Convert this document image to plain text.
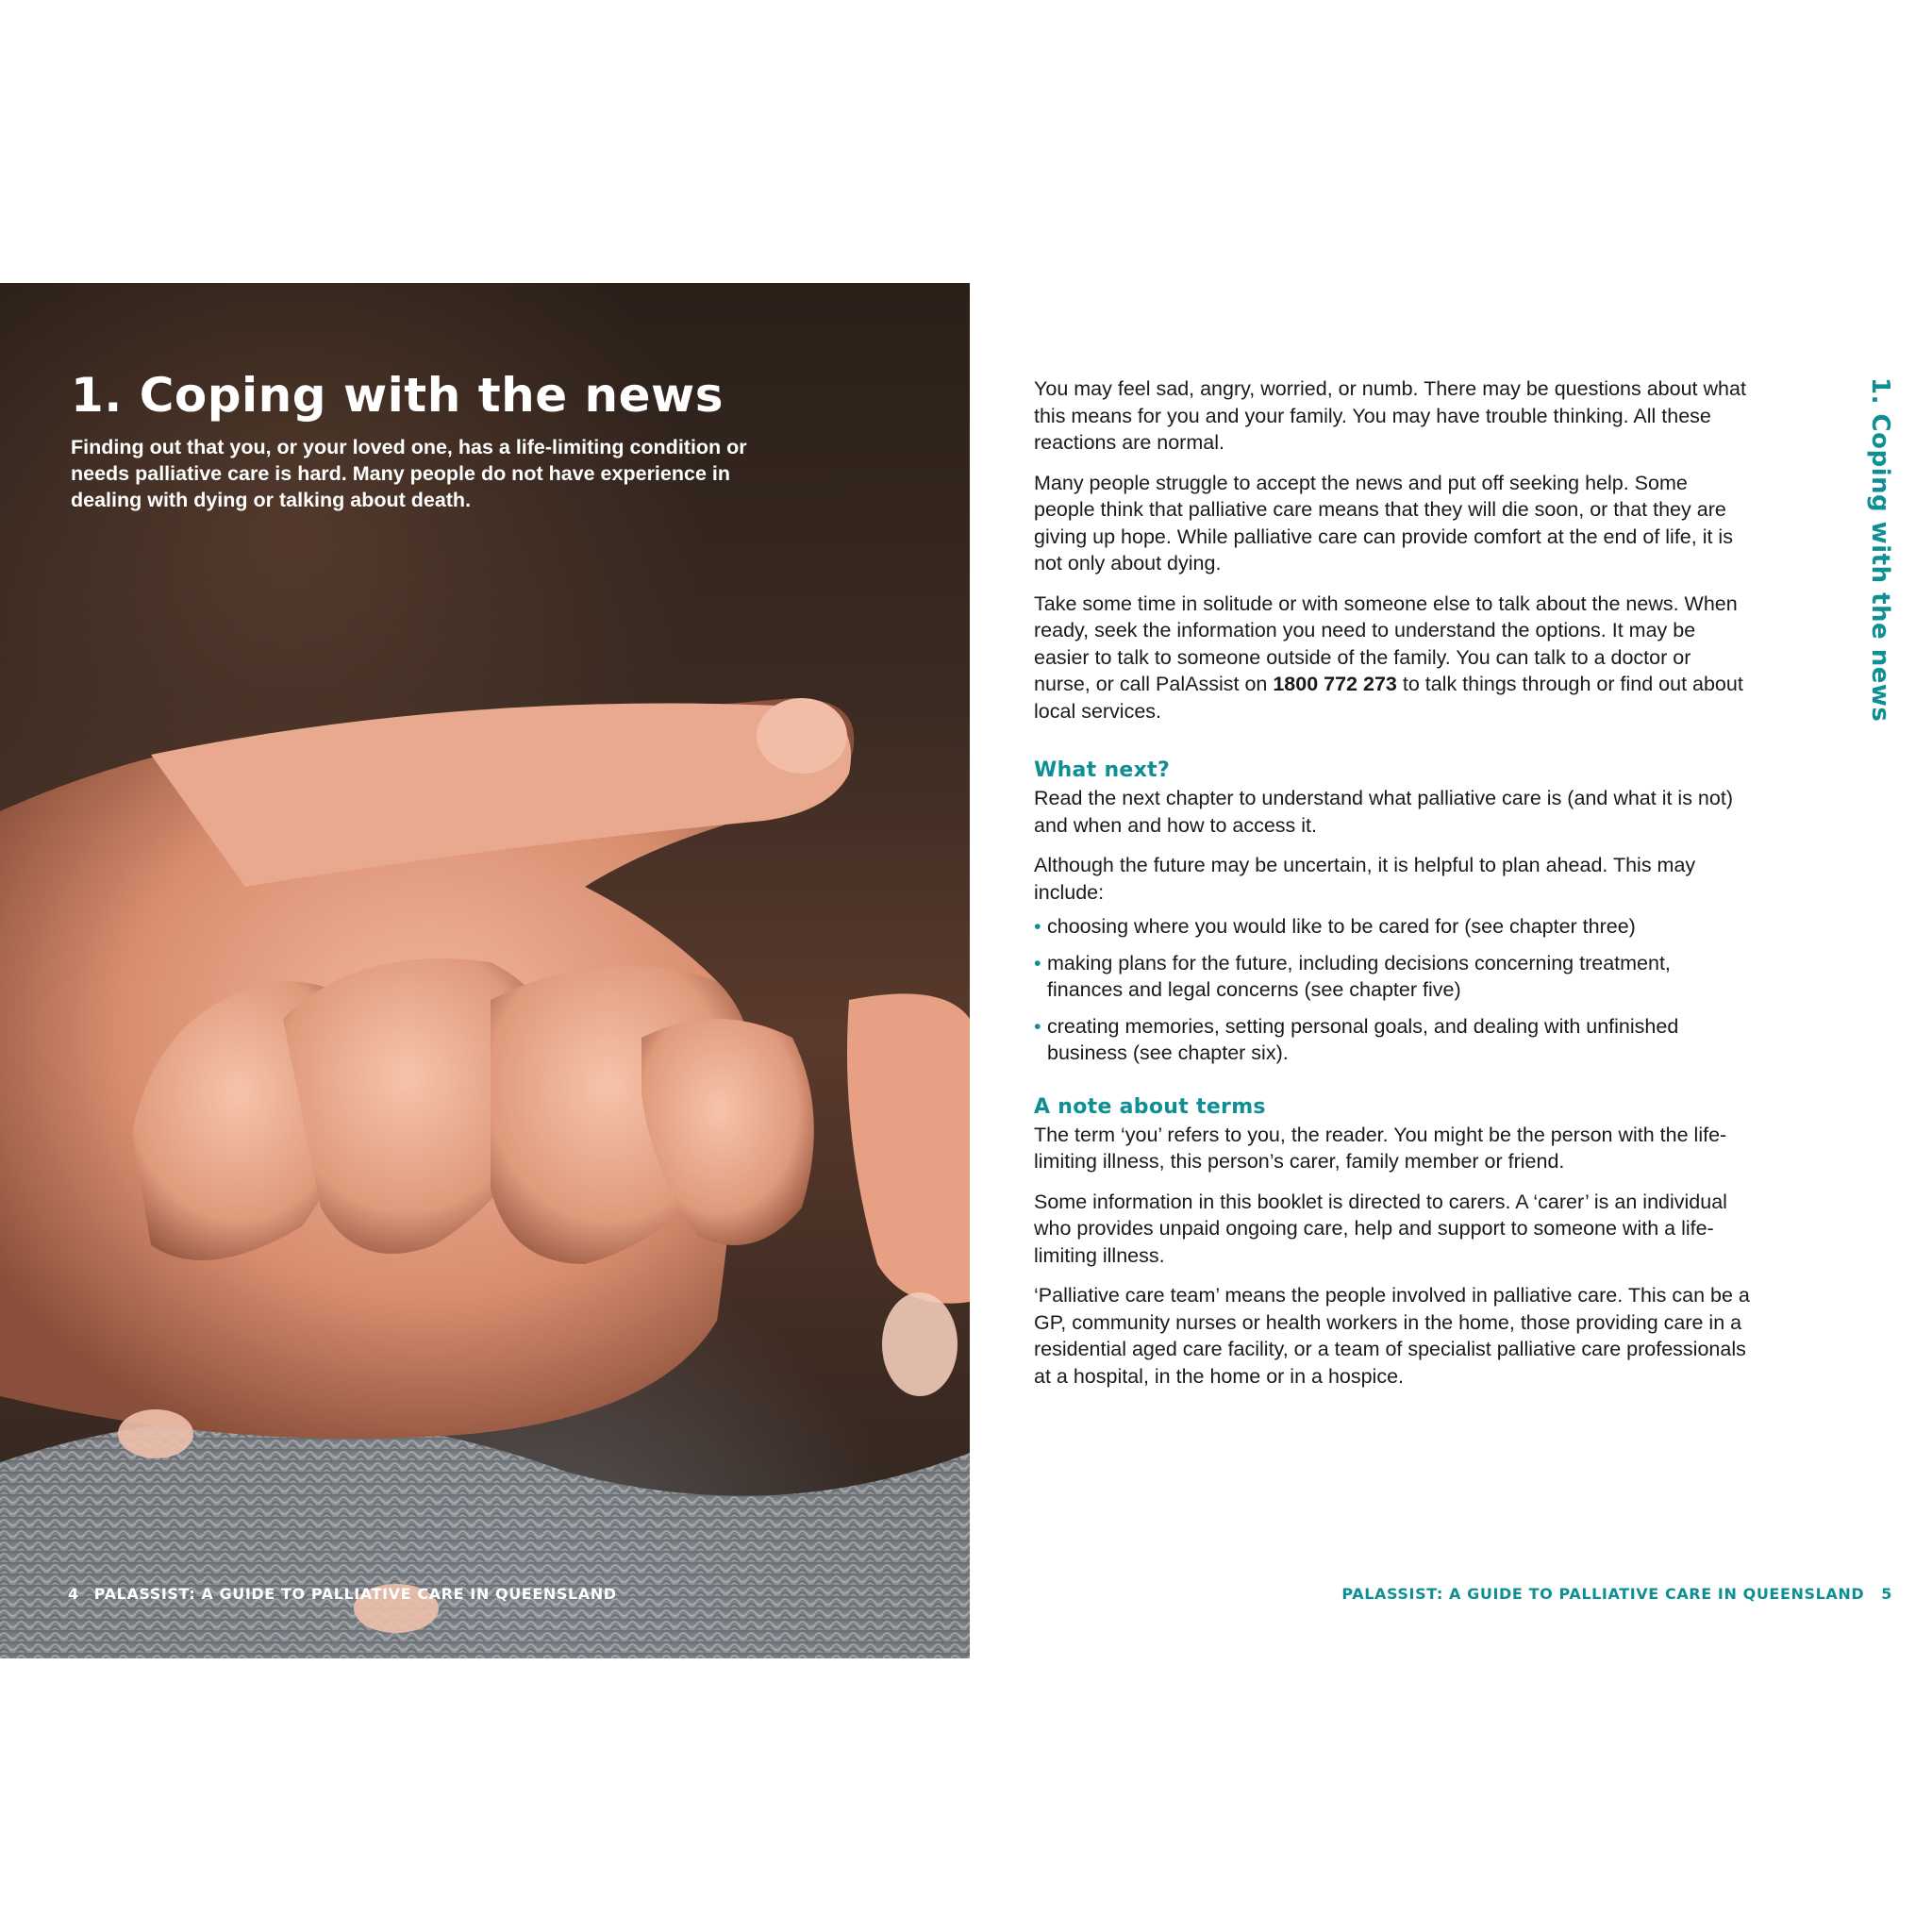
1. Coping with the news

Finding out that you, or your loved one, has a life-limiting condition or needs palliative care is hard. Many people do not have experience in dealing with dying or talking about death.

4 PALASSIST: A GUIDE TO PALLIATIVE CARE IN QUEENSLAND

You may feel sad, angry, worried, or numb. There may be questions about what this means for you and your family. You may have trouble thinking. All these reactions are normal.

Many people struggle to accept the news and put off seeking help. Some people think that palliative care means that they will die soon, or that they are giving up hope. While palliative care can provide comfort at the end of life, it is not only about dying.

Take some time in solitude or with someone else to talk about the news. When ready, seek the information you need to understand the options. It may be easier to talk to someone outside of the family. You can talk to a doctor or nurse, or call PalAssist on 1800 772 273 to talk things through or find out about local services.

What next?

Read the next chapter to understand what palliative care is (and what it is not) and when and how to access it.

Although the future may be uncertain, it is helpful to plan ahead. This may include:

• choosing where you would like to be cared for (see chapter three)
• making plans for the future, including decisions concerning treatment, finances and legal concerns (see chapter five)
• creating memories, setting personal goals, and dealing with unfinished business (see chapter six).
A note about terms

The term ‘you’ refers to you, the reader. You might be the person with the life-limiting illness, this person’s carer, family member or friend.

Some information in this booklet is directed to carers. A ‘carer’ is an individual who provides unpaid ongoing care, help and support to someone with a life-limiting illness.

‘Palliative care team’ means the people involved in palliative care. This can be a GP, community nurses or health workers in the home, those providing care in a residential aged care facility, or a team of specialist palliative care professionals at a hospital, in the home or in a hospice.

1. Coping with the news
PALASSIST: A GUIDE TO PALLIATIVE CARE IN QUEENSLAND 5
